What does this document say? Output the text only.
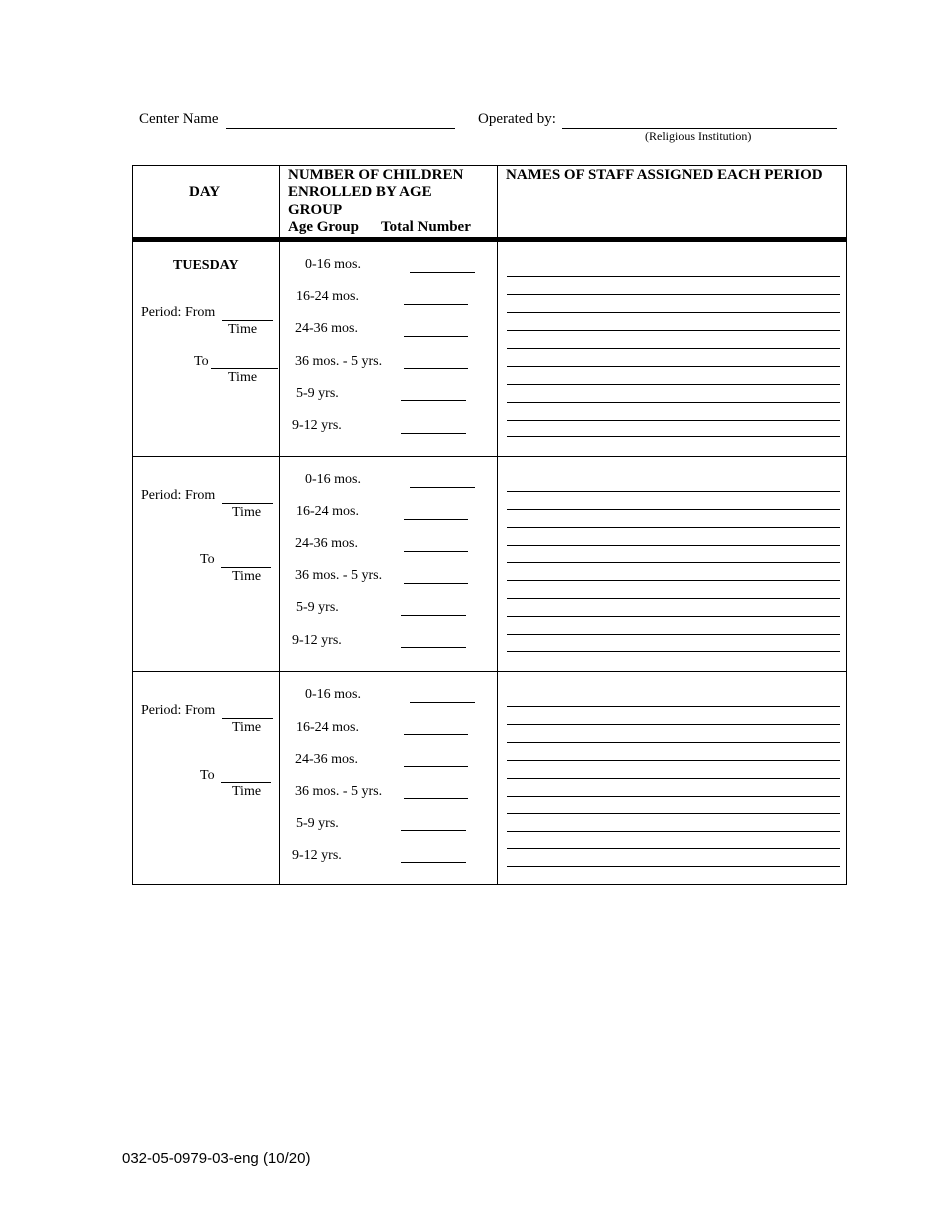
Center Name	Operated by:
(Religious Institution)
DAY
NUMBER OF CHILDREN
ENROLLED BY AGE
GROUP
Age Group Total Number
NAMES OF STAFF ASSIGNED EACH PERIOD
TUESDAY
Period: From
Time
To
Time
0-16 mos.
16-24 mos.
24-36 mos.
36 mos. - 5 yrs.
5-9 yrs.
9-12 yrs.
Period: From
Time
To
Time
0-16 mos.
16-24 mos.
24-36 mos.
36 mos. - 5 yrs.
5-9 yrs.
9-12 yrs.
Period: From
Time
To
Time
0-16 mos.
16-24 mos.
24-36 mos.
36 mos. - 5 yrs.
5-9 yrs.
9-12 yrs.
032-05-0979-03-eng (10/20)
